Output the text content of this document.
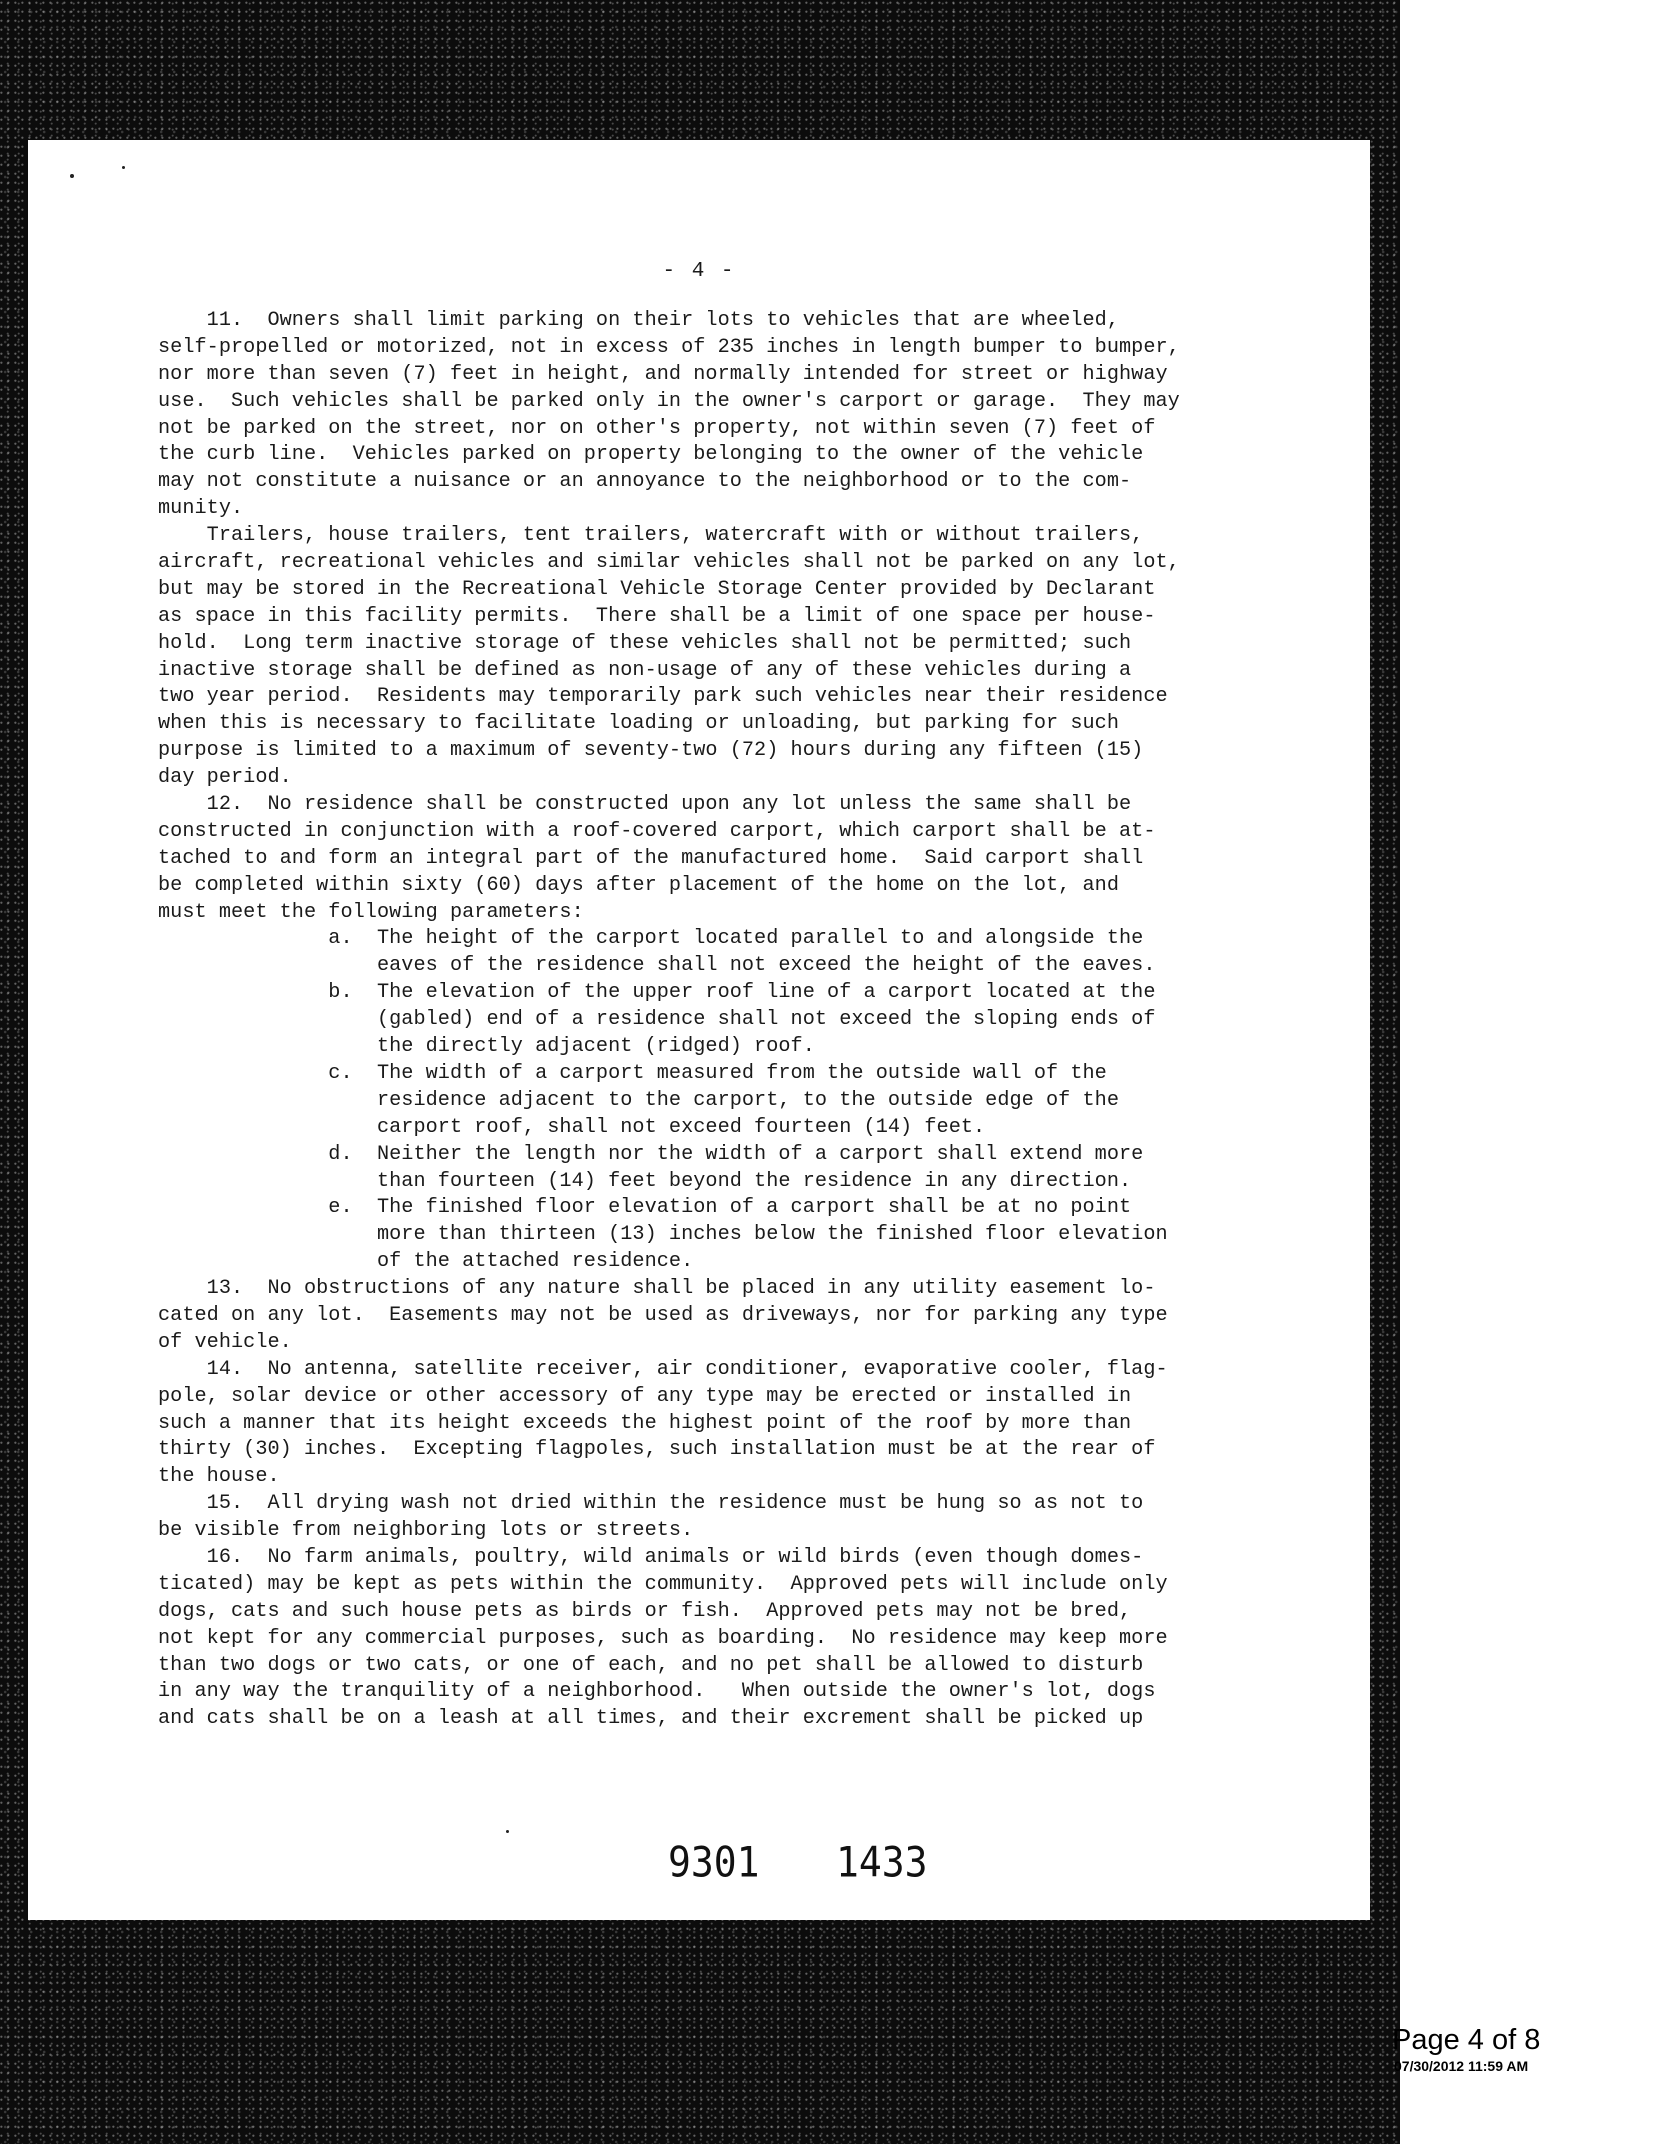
- 4 -
11.  Owners shall limit parking on their lots to vehicles that are wheeled,
self-propelled or motorized, not in excess of 235 inches in length bumper to bumper,
nor more than seven (7) feet in height, and normally intended for street or highway
use.  Such vehicles shall be parked only in the owner's carport or garage.  They may
not be parked on the street, nor on other's property, not within seven (7) feet of
the curb line.  Vehicles parked on property belonging to the owner of the vehicle
may not constitute a nuisance or an annoyance to the neighborhood or to the com-
munity.
Trailers, house trailers, tent trailers, watercraft with or without trailers,
aircraft, recreational vehicles and similar vehicles shall not be parked on any lot,
but may be stored in the Recreational Vehicle Storage Center provided by Declarant
as space in this facility permits.  There shall be a limit of one space per house-
hold.  Long term inactive storage of these vehicles shall not be permitted; such
inactive storage shall be defined as non-usage of any of these vehicles during a
two year period.  Residents may temporarily park such vehicles near their residence
when this is necessary to facilitate loading or unloading, but parking for such
purpose is limited to a maximum of seventy-two (72) hours during any fifteen (15)
day period.
12.  No residence shall be constructed upon any lot unless the same shall be
constructed in conjunction with a roof-covered carport, which carport shall be at-
tached to and form an integral part of the manufactured home.  Said carport shall
be completed within sixty (60) days after placement of the home on the lot, and
must meet the following parameters:
a.  The height of the carport located parallel to and alongside the
eaves of the residence shall not exceed the height of the eaves.
b.  The elevation of the upper roof line of a carport located at the
(gabled) end of a residence shall not exceed the sloping ends of
the directly adjacent (ridged) roof.
c.  The width of a carport measured from the outside wall of the
residence adjacent to the carport, to the outside edge of the
carport roof, shall not exceed fourteen (14) feet.
d.  Neither the length nor the width of a carport shall extend more
than fourteen (14) feet beyond the residence in any direction.
e.  The finished floor elevation of a carport shall be at no point
more than thirteen (13) inches below the finished floor elevation
of the attached residence.
13.  No obstructions of any nature shall be placed in any utility easement lo-
cated on any lot.  Easements may not be used as driveways, nor for parking any type
of vehicle.
14.  No antenna, satellite receiver, air conditioner, evaporative cooler, flag-
pole, solar device or other accessory of any type may be erected or installed in
such a manner that its height exceeds the highest point of the roof by more than
thirty (30) inches.  Excepting flagpoles, such installation must be at the rear of
the house.
15.  All drying wash not dried within the residence must be hung so as not to
be visible from neighboring lots or streets.
16.  No farm animals, poultry, wild animals or wild birds (even though domes-
ticated) may be kept as pets within the community.  Approved pets will include only
dogs, cats and such house pets as birds or fish.  Approved pets may not be bred,
not kept for any commercial purposes, such as boarding.  No residence may keep more
than two dogs or two cats, or one of each, and no pet shall be allowed to disturb
in any way the tranquility of a neighborhood.   When outside the owner's lot, dogs
and cats shall be on a leash at all times, and their excrement shall be picked up
9301 1433
Page 4 of 8
07/30/2012 11:59 AM
